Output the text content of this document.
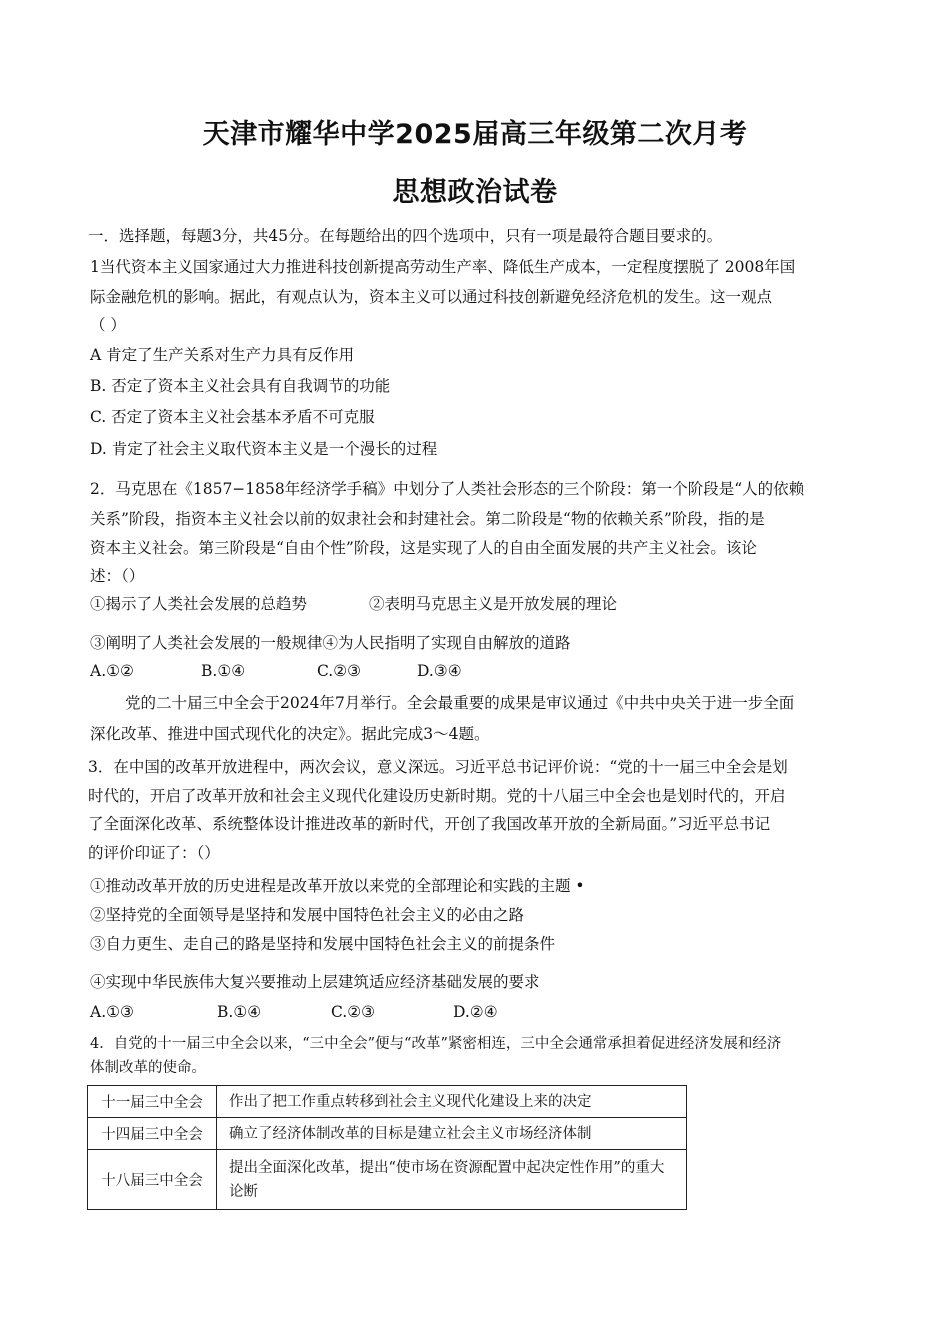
天津市耀华中学2025届高三年级第二次月考
思想政治试卷
一．选择题，每题3分，共45分。在每题给出的四个选项中，只有一项是最符合题目要求的。
1当代资本主义国家通过大力推进科技创新提高劳动生产率、降低生产成本，一定程度摆脱了 2008年国
际金融危机的影响。据此，有观点认为，资本主义可以通过科技创新避免经济危机的发生。这一观点
（ ）
A 肯定了生产关系对生产力具有反作用
B. 否定了资本主义社会具有自我调节的功能
C. 否定了资本主义社会基本矛盾不可克服
D. 肯定了社会主义取代资本主义是一个漫长的过程
2．马克思在《1857−1858年经济学手稿》中划分了人类社会形态的三个阶段：第一个阶段是“人的依赖
关系”阶段，指资本主义社会以前的奴隶社会和封建社会。第二阶段是“物的依赖关系”阶段，指的是
资本主义社会。第三阶段是“自由个性”阶段，这是实现了人的自由全面发展的共产主义社会。该论
述：（）
①揭示了人类社会发展的总趋势	②表明马克思主义是开放发展的理论
③阐明了人类社会发展的一般规律④为人民指明了实现自由解放的道路
A.①②	B.①④	C.②③	D.③④
党的二十届三中全会于2024年7月举行。全会最重要的成果是审议通过《中共中央关于进一步全面
深化改革、推进中国式现代化的决定》。据此完成3～4题。
3．在中国的改革开放进程中，两次会议，意义深远。习近平总书记评价说：“党的十一届三中全会是划
时代的，开启了改革开放和社会主义现代化建设历史新时期。党的十八届三中全会也是划时代的，开启
了全面深化改革、系统整体设计推进改革的新时代，开创了我国改革开放的全新局面。”习近平总书记
的评价印证了：（）
①推动改革开放的历史进程是改革开放以来党的全部理论和实践的主题 •
②坚持党的全面领导是坚持和发展中国特色社会主义的必由之路
③自力更生、走自己的路是坚持和发展中国特色社会主义的前提条件
④实现中华民族伟大复兴要推动上层建筑适应经济基础发展的要求
A.①③	B.①④	C.②③	D.②④
4．自党的十一届三中全会以来，“三中全会”便与“改革”紧密相连，三中全会通常承担着促进经济发展和经济
体制改革的使命。
十一届三中全会	作出了把工作重点转移到社会主义现代化建设上来的决定
十四届三中全会	确立了经济体制改革的目标是建立社会主义市场经济体制
十八届三中全会	提出全面深化改革，提出“使市场在资源配置中起决定性作用”的重大论断
